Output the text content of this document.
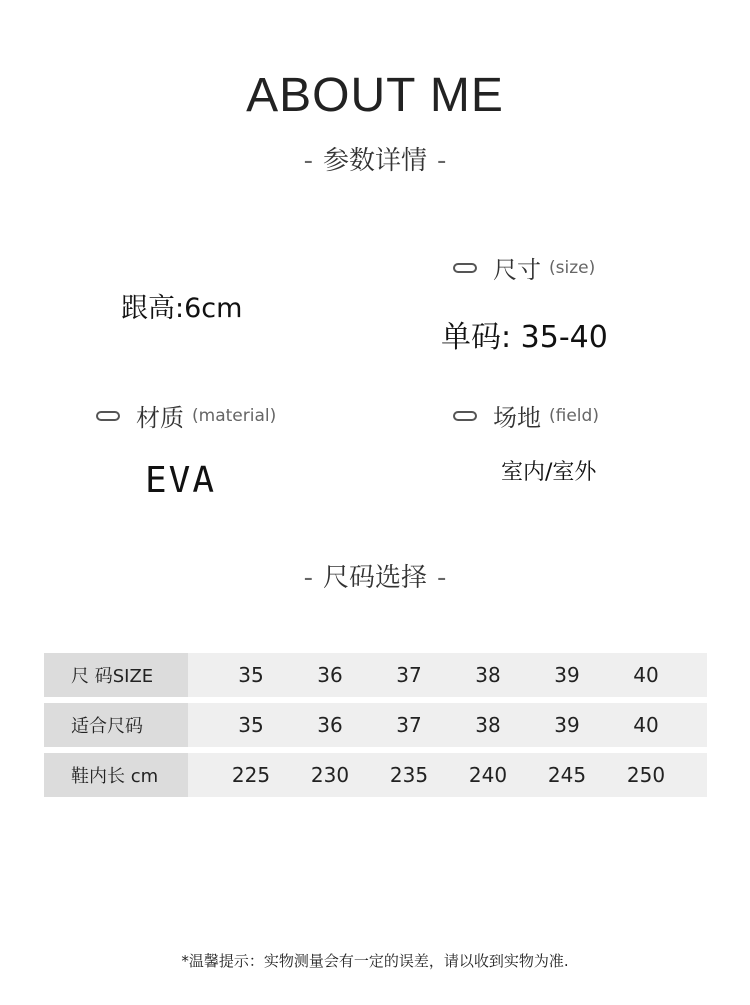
ABOUT ME
- 参数详情 -
跟高:6cm
尺寸 (size)
单码: 35-40
材质 (material)
EVA
场地 (field)
室内/室外
- 尺码选择 -
尺 码SIZE	35	36	37	38	39	40
适合尺码	35	36	37	38	39	40
鞋内长 cm	225	230	235	240	245	250
*温馨提示：实物测量会有一定的误差，请以收到实物为准.
